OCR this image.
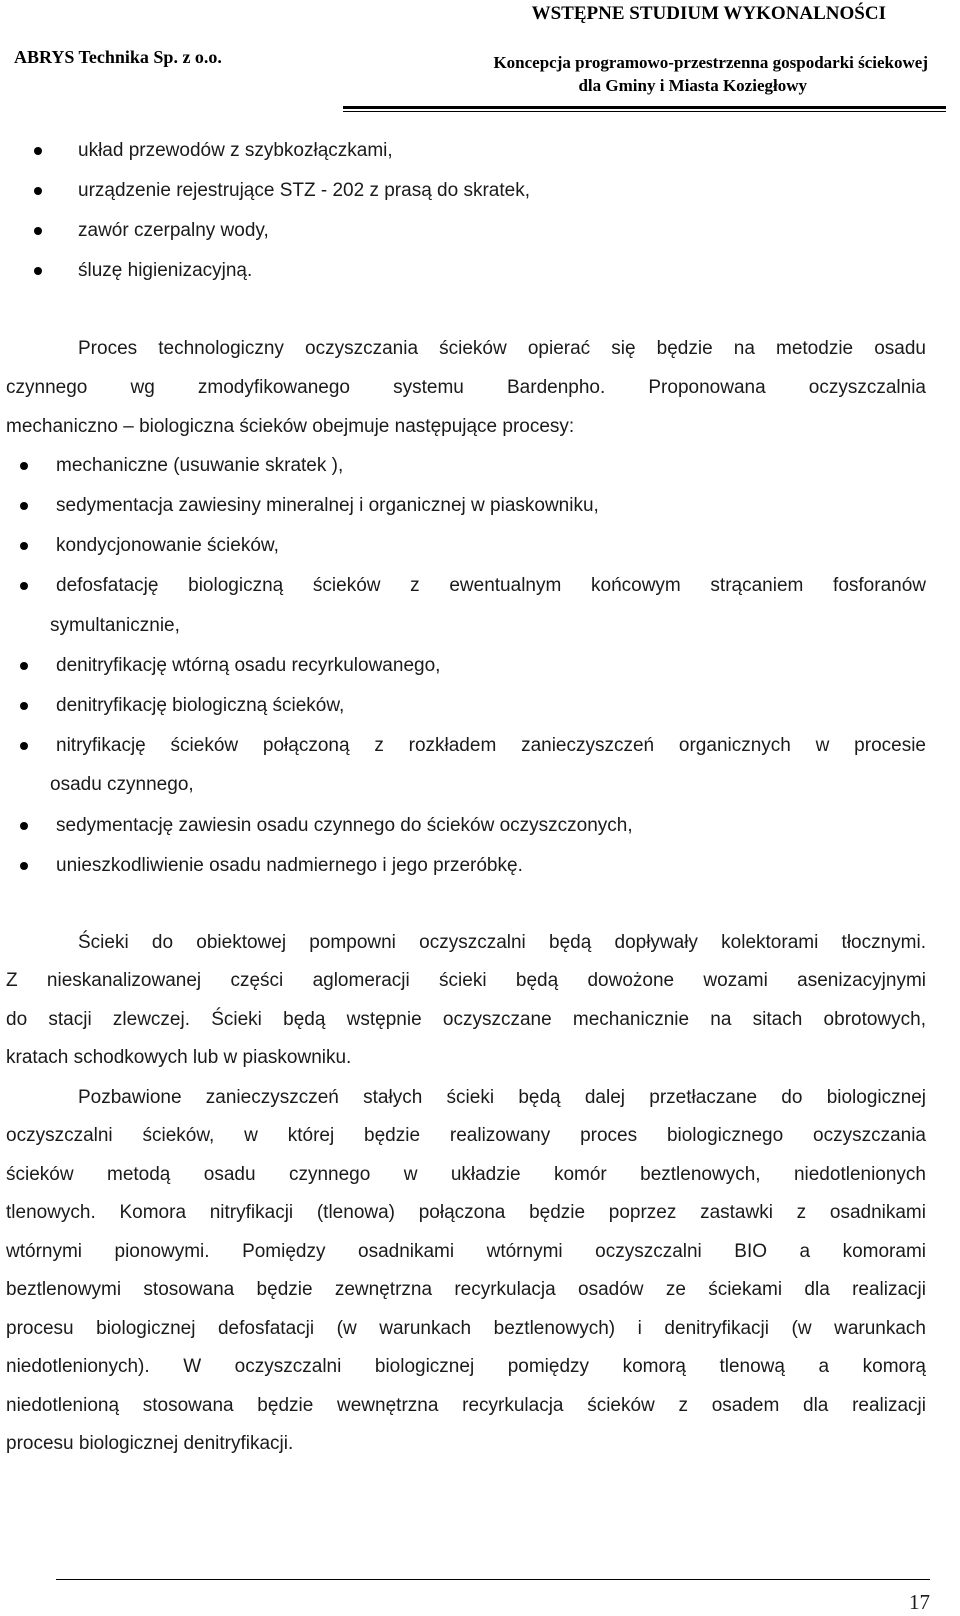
WSTĘPNE STUDIUM WYKONALNOŚCI
ABRYS Technika Sp. z o.o.	Koncepcja programowo-przestrzenna gospodarki ściekowej
dla Gminy i Miasta Koziegłowy
układ przewodów z szybkozłączkami,
urządzenie rejestrujące STZ - 202 z prasą do skratek,
zawór czerpalny wody,
śluzę higienizacyjną.
Proces technologiczny oczyszczania ścieków opierać się będzie na metodzie osadu
czynnego wg zmodyfikowanego systemu Bardenpho. Proponowana oczyszczalnia
mechaniczno – biologiczna ścieków obejmuje następujące procesy:
mechaniczne (usuwanie skratek ),
sedymentacja zawiesiny mineralnej i organicznej w piaskowniku,
kondycjonowanie ścieków,
defosfatację biologiczną ścieków z ewentualnym końcowym strącaniem fosforanów
symultanicznie,
denitryfikację wtórną osadu recyrkulowanego,
denitryfikację biologiczną ścieków,
nitryfikację ścieków połączoną z rozkładem zanieczyszczeń organicznych w procesie
osadu czynnego,
sedymentację zawiesin osadu czynnego do ścieków oczyszczonych,
unieszkodliwienie osadu nadmiernego i jego przeróbkę.
Ścieki do obiektowej pompowni oczyszczalni będą dopływały kolektorami tłocznymi.
Z nieskanalizowanej części aglomeracji ścieki będą dowożone wozami asenizacyjnymi
do stacji zlewczej. Ścieki będą wstępnie oczyszczane mechanicznie na sitach obrotowych,
kratach schodkowych lub w piaskowniku.
Pozbawione zanieczyszczeń stałych ścieki będą dalej przetłaczane do biologicznej
oczyszczalni ścieków, w której będzie realizowany proces biologicznego oczyszczania
ścieków metodą osadu czynnego w układzie komór beztlenowych, niedotlenionych
tlenowych. Komora nitryfikacji (tlenowa) połączona będzie poprzez zastawki z osadnikami
wtórnymi pionowymi. Pomiędzy osadnikami wtórnymi oczyszczalni BIO a komorami
beztlenowymi stosowana będzie zewnętrzna recyrkulacja osadów ze ściekami dla realizacji
procesu biologicznej defosfatacji (w warunkach beztlenowych) i denitryfikacji (w warunkach
niedotlenionych). W oczyszczalni biologicznej pomiędzy komorą tlenową a komorą
niedotlenioną stosowana będzie wewnętrzna recyrkulacja ścieków z osadem dla realizacji
procesu biologicznej denitryfikacji.
17
